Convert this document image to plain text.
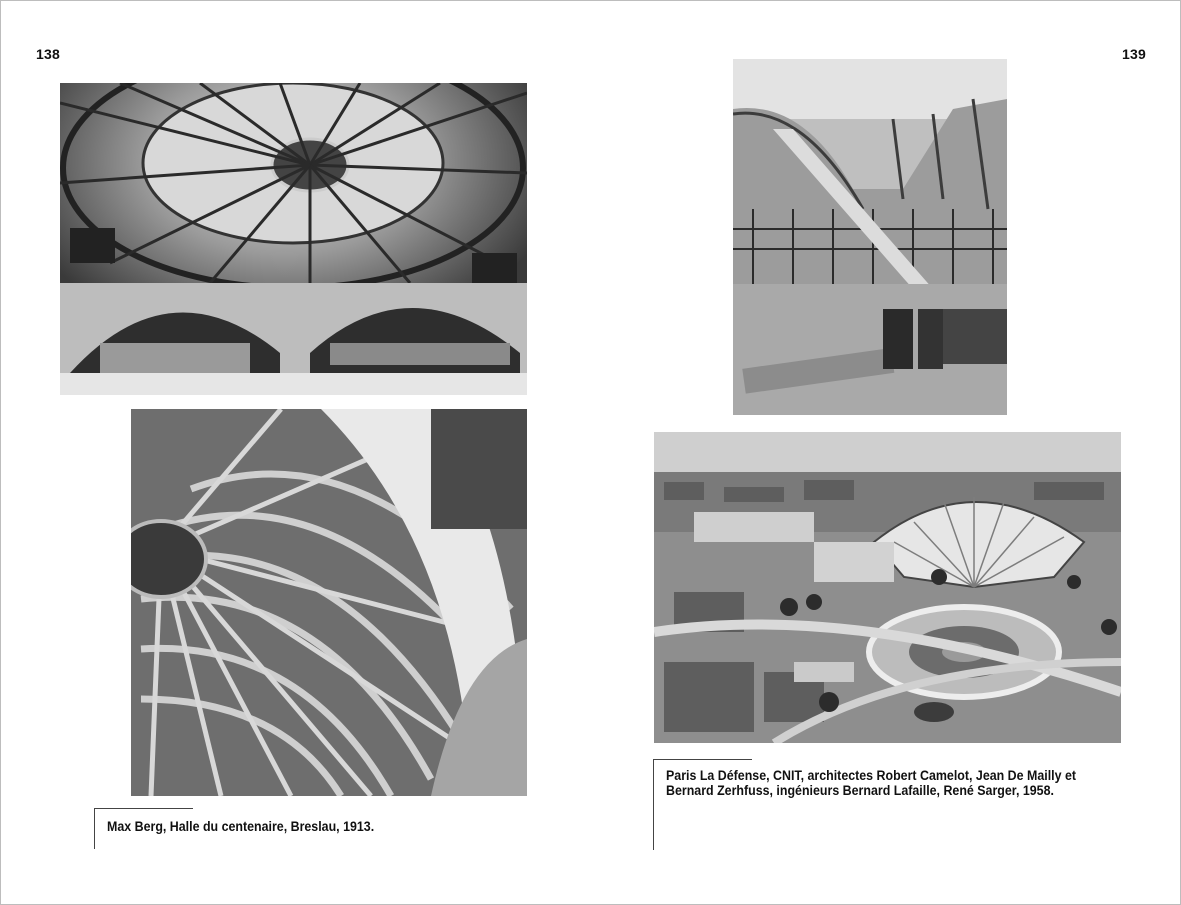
138	139
Max Berg, Halle du centenaire, Breslau, 1913.
Paris La Défense, CNIT, architectes Robert Camelot, Jean De Mailly et
Bernard Zerhfuss, ingénieurs Bernard Lafaille, René Sarger, 1958.
